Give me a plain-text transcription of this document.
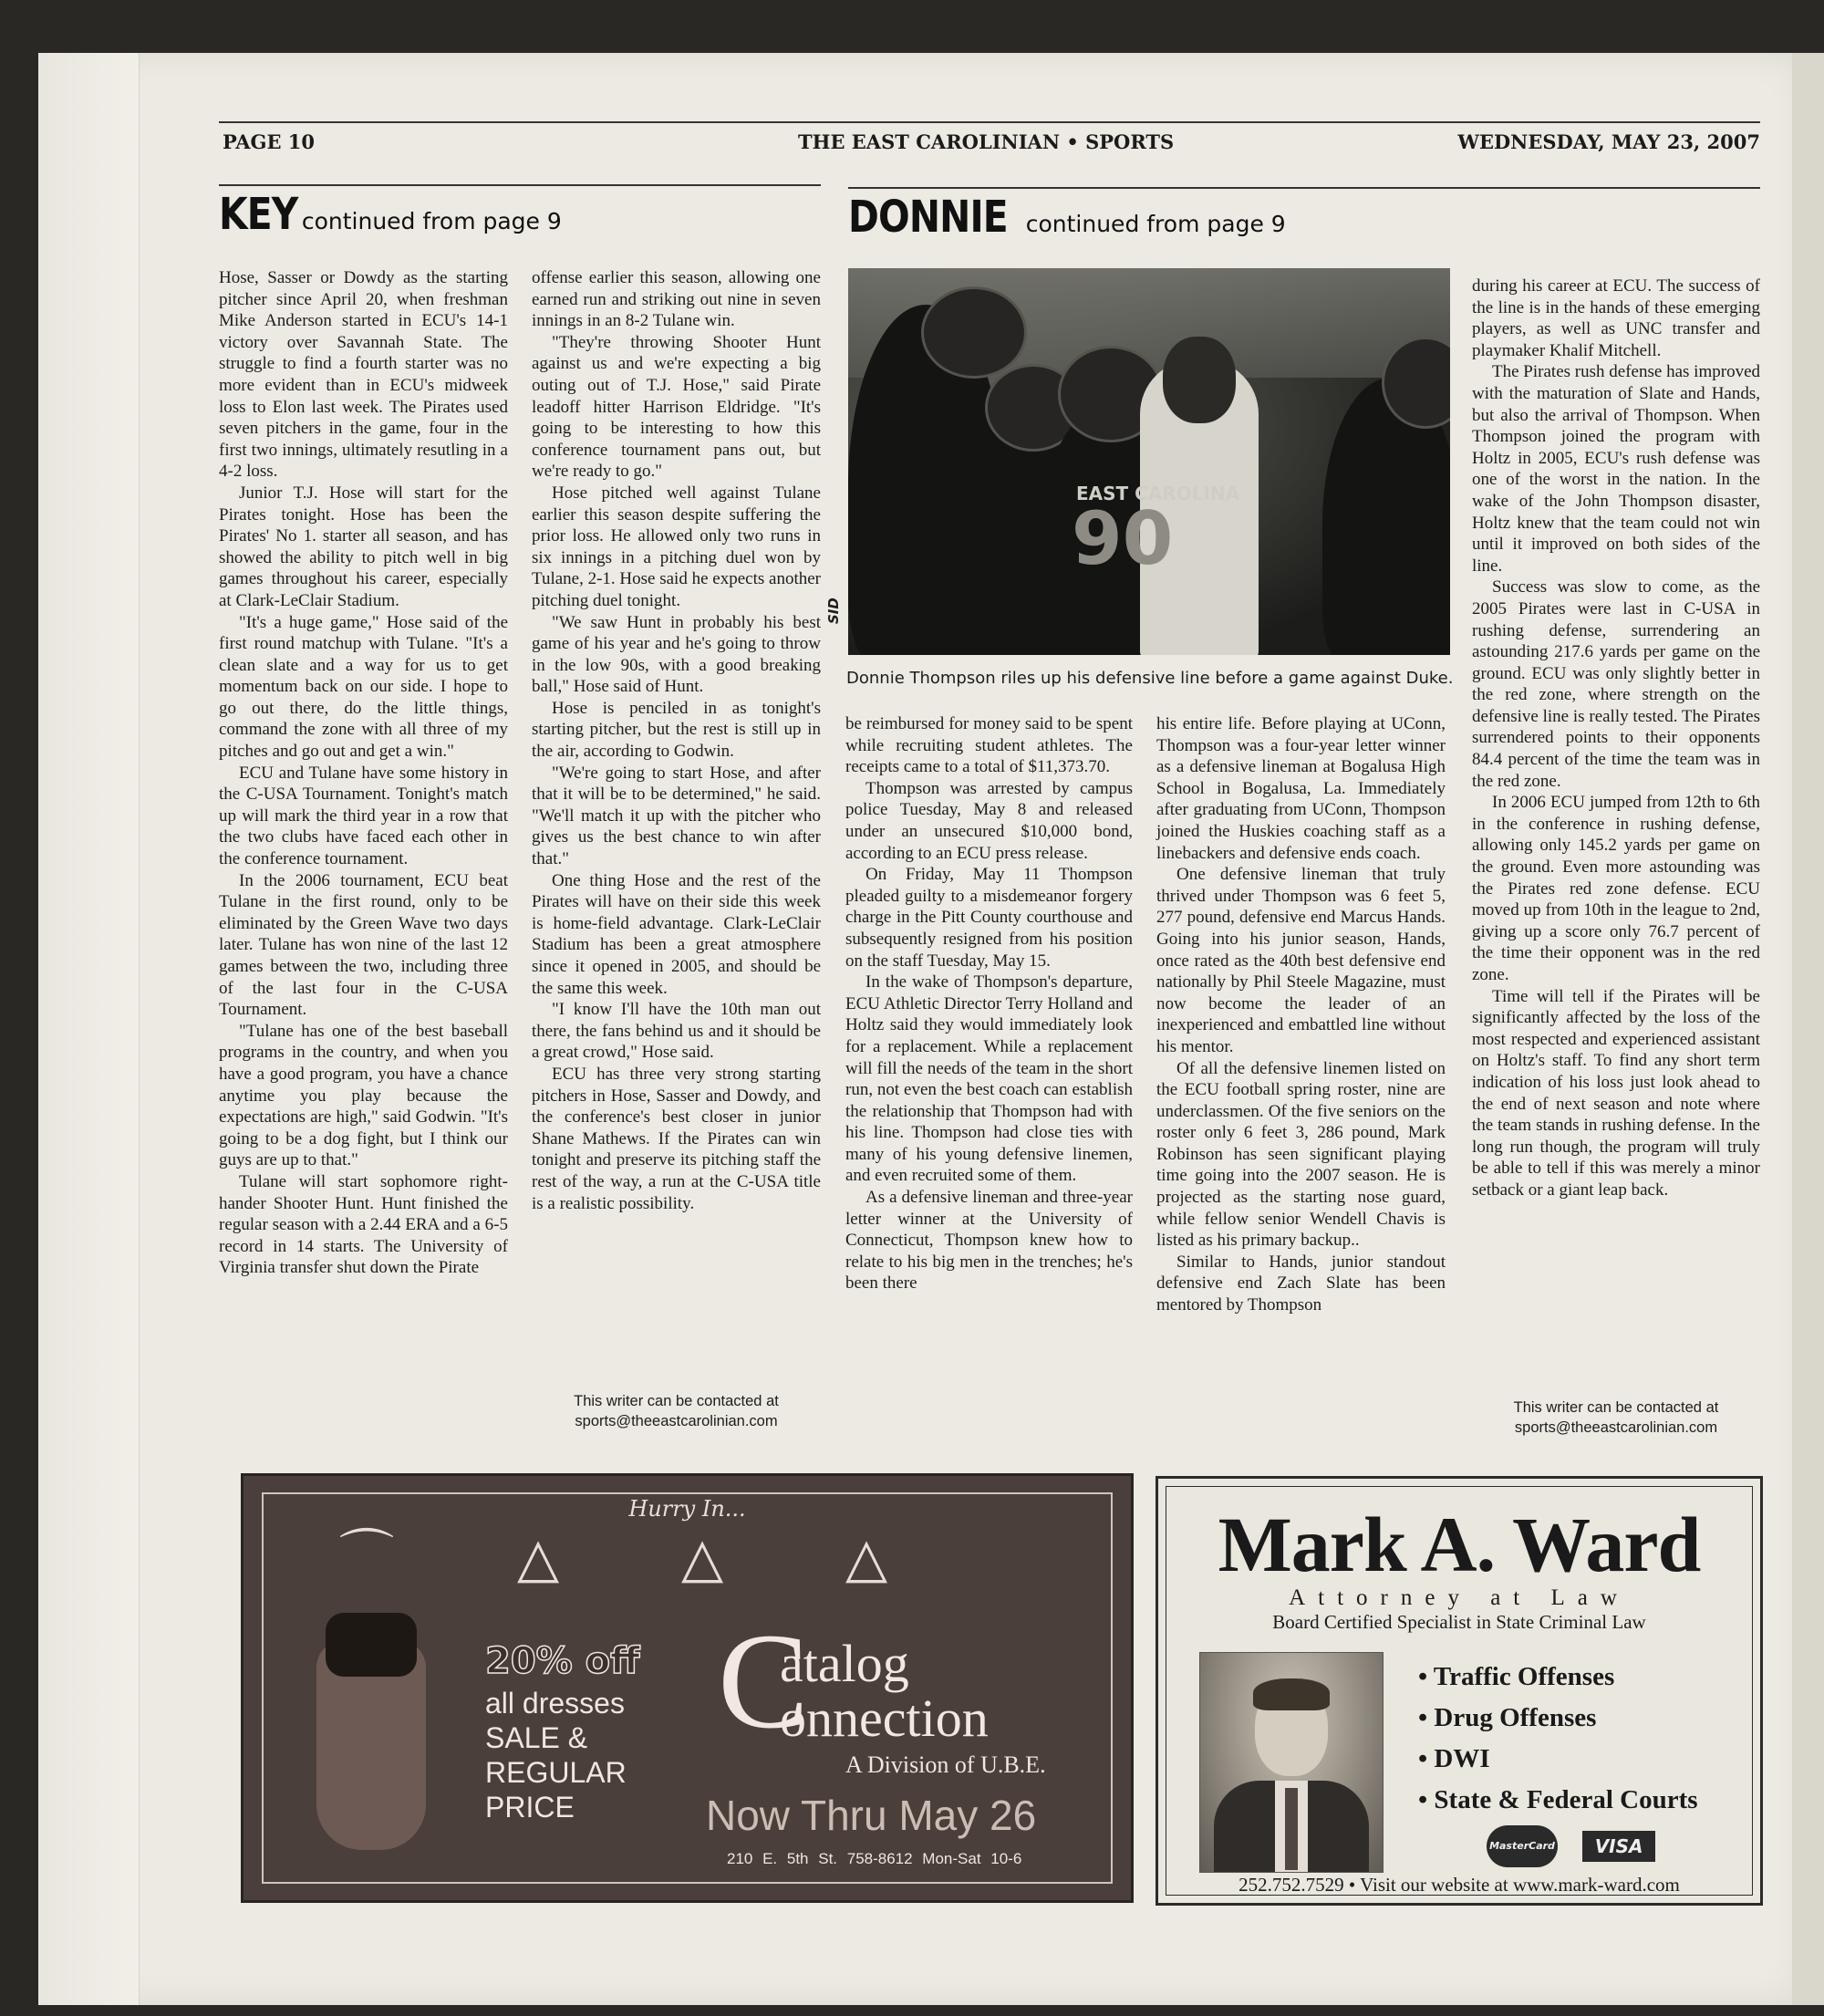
PAGE 10	THE EAST CAROLINIAN • SPORTS	WEDNESDAY, MAY 23, 2007
KEY continued from page 9	DONNIE continued from page 9

Hose, Sasser or Dowdy as the starting pitcher since April 20, when freshman Mike Anderson started in ECU's 14-1 victory over Savannah State. The struggle to find a fourth starter was no more evident than in ECU's midweek loss to Elon last week. The Pirates used seven pitchers in the game, four in the first two innings, ultimately resutling in a 4-2 loss.

Junior T.J. Hose will start for the Pirates tonight. Hose has been the Pirates' No 1. starter all season, and has showed the ability to pitch well in big games throughout his career, especially at Clark-LeClair Stadium.

"It's a huge game," Hose said of the first round matchup with Tulane. "It's a clean slate and a way for us to get momentum back on our side. I hope to go out there, do the little things, command the zone with all three of my pitches and go out and get a win."

ECU and Tulane have some history in the C-USA Tournament. Tonight's match up will mark the third year in a row that the two clubs have faced each other in the conference tournament.

In the 2006 tournament, ECU beat Tulane in the first round, only to be eliminated by the Green Wave two days later. Tulane has won nine of the last 12 games between the two, including three of the last four in the C-USA Tournament.

"Tulane has one of the best baseball programs in the country, and when you have a good program, you have a chance anytime you play because the expectations are high," said Godwin. "It's going to be a dog fight, but I think our guys are up to that."

Tulane will start sophomore right-hander Shooter Hunt. Hunt finished the regular season with a 2.44 ERA and a 6-5 record in 14 starts. The University of Virginia transfer shut down the Pirate

offense earlier this season, allowing one earned run and striking out nine in seven innings in an 8-2 Tulane win.

"They're throwing Shooter Hunt against us and we're expecting a big outing out of T.J. Hose," said Pirate leadoff hitter Harrison Eldridge. "It's going to be interesting to how this conference tournament pans out, but we're ready to go."

Hose pitched well against Tulane earlier this season despite suffering the prior loss. He allowed only two runs in six innings in a pitching duel won by Tulane, 2-1. Hose said he expects another pitching duel tonight.

"We saw Hunt in probably his best game of his year and he's going to throw in the low 90s, with a good breaking ball," Hose said of Hunt.

Hose is penciled in as tonight's starting pitcher, but the rest is still up in the air, according to Godwin.

"We're going to start Hose, and after that it will be to be determined," he said. "We'll match it up with the pitcher who gives us the best chance to win after that."

One thing Hose and the rest of the Pirates will have on their side this week is home-field advantage. Clark-LeClair Stadium has been a great atmosphere since it opened in 2005, and should be the same this week.

"I know I'll have the 10th man out there, the fans behind us and it should be a great crowd," Hose said.

ECU has three very strong starting pitchers in Hose, Sasser and Dowdy, and the conference's best closer in junior Shane Mathews. If the Pirates can win tonight and preserve its pitching staff the rest of the way, a run at the C-USA title is a realistic possibility.

This writer can be contacted at
sports@theeastcarolinian.com
EAST CAROLINA
90
SID
Donnie Thompson riles up his defensive line before a game against Duke.

be reimbursed for money said to be spent while recruiting student athletes. The receipts came to a total of $11,373.70.

Thompson was arrested by campus police Tuesday, May 8 and released under an unsecured $10,000 bond, according to an ECU press release.

On Friday, May 11 Thompson pleaded guilty to a misdemeanor forgery charge in the Pitt County courthouse and subsequently resigned from his position on the staff Tuesday, May 15.

In the wake of Thompson's departure, ECU Athletic Director Terry Holland and Holtz said they would immediately look for a replacement. While a replacement will fill the needs of the team in the short run, not even the best coach can establish the relationship that Thompson had with his line. Thompson had close ties with many of his young defensive linemen, and even recruited some of them.

As a defensive lineman and three-year letter winner at the University of Connecticut, Thompson knew how to relate to his big men in the trenches; he's been there

his entire life. Before playing at UConn, Thompson was a four-year letter winner as a defensive lineman at Bogalusa High School in Bogalusa, La. Immediately after graduating from UConn, Thompson joined the Huskies coaching staff as a linebackers and defensive ends coach.

One defensive lineman that truly thrived under Thompson was 6 feet 5, 277 pound, defensive end Marcus Hands. Going into his junior season, Hands, once rated as the 40th best defensive end nationally by Phil Steele Magazine, must now become the leader of an inexperienced and embattled line without his mentor.

Of all the defensive linemen listed on the ECU football spring roster, nine are underclassmen. Of the five seniors on the roster only 6 feet 3, 286 pound, Mark Robinson has seen significant playing time going into the 2007 season. He is projected as the starting nose guard, while fellow senior Wendell Chavis is listed as his primary backup..

Similar to Hands, junior standout defensive end Zach Slate has been mentored by Thompson

during his career at ECU. The success of the line is in the hands of these emerging players, as well as UNC transfer and playmaker Khalif Mitchell.

The Pirates rush defense has improved with the maturation of Slate and Hands, but also the arrival of Thompson. When Thompson joined the program with Holtz in 2005, ECU's rush defense was one of the worst in the nation. In the wake of the John Thompson disaster, Holtz knew that the team could not win until it improved on both sides of the line.

Success was slow to come, as the 2005 Pirates were last in C-USA in rushing defense, surrendering an astounding 217.6 yards per game on the ground. ECU was only slightly better in the red zone, where strength on the defensive line is really tested. The Pirates surrendered points to their opponents 84.4 percent of the time the team was in the red zone.

In 2006 ECU jumped from 12th to 6th in the conference in rushing defense, allowing only 145.2 yards per game on the ground. Even more astounding was the Pirates red zone defense. ECU moved up from 10th in the league to 2nd, giving up a score only 76.7 percent of the time their opponent was in the red zone.

Time will tell if the Pirates will be significantly affected by the loss of the most respected and experienced assistant on Holtz's staff. To find any short term indication of his loss just look ahead to the end of next season and note where the team stands in rushing defense. In the long run though, the program will truly be able to tell if this was merely a minor setback or a giant leap back.

This writer can be contacted at
sports@theeastcarolinian.com
Hurry In...
⌒ △ △ △
20% off
all dresses
SALE &
REGULAR
PRICE
C
atalog
onnection
A Division of U.B.E.
Now Thru May 26
210 E. 5th St. 758-8612 Mon-Sat 10-6
Mark A. Ward
Attorney at Law
Board Certified Specialist in State Criminal Law
• Traffic Offenses
• Drug Offenses
• DWI
• State & Federal Courts
MasterCard VISA
252.752.7529 • Visit our website at www.mark-ward.com
